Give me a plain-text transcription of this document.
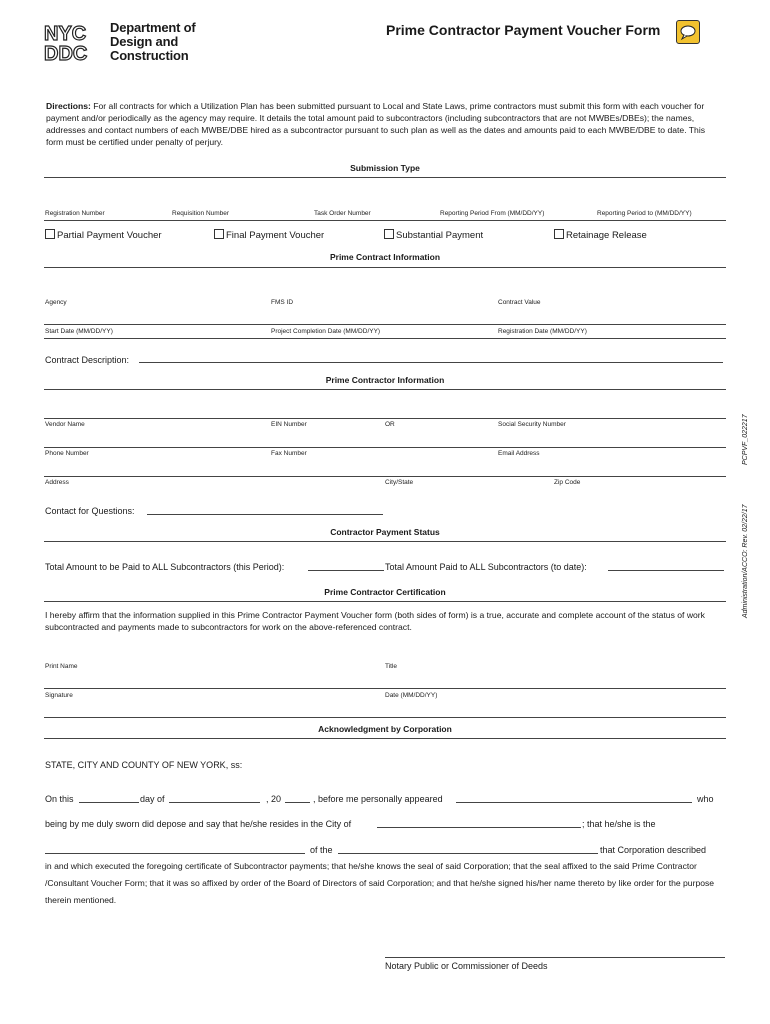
NYC
DDC
Department of
Design and
Construction
Prime Contractor Payment Voucher Form
Directions: For all contracts for which a Utilization Plan has been submitted pursuant to Local and State Laws, prime contractors must submit this form with each voucher for payment and/or periodically as the agency may require. It details the total amount paid to subcontractors (including subcontractors that are not MWBEs/DBEs); the names, addresses and contact numbers of each MWBE/DBE hired as a subcontractor pursuant to such plan as well as the dates and amounts paid to each MWBE/DBE to date. This form must be certified under penalty of perjury.
Submission Type
Registration Number	Requisition Number	Task Order Number	Reporting Period From (MM/DD/YY)	Reporting Period to (MM/DD/YY)
Partial Payment Voucher	Final Payment Voucher	Substantial Payment	Retainage Release
Prime Contract Information
Agency	FMS ID	Contract Value
Start Date (MM/DD/YY)	Project Completion Date (MM/DD/YY)	Registration Date (MM/DD/YY)
Contract Description:
Prime Contractor Information
Vendor Name	EIN Number	OR	Social Security Number
Phone Number	Fax Number	Email Address
Address	City/State	Zip Code
Contact for Questions:
Contractor Payment Status
Total Amount to be Paid to ALL Subcontractors (this Period):	Total Amount Paid to ALL Subcontractors (to date):
Prime Contractor Certification
I hereby affirm that the information supplied in this Prime Contractor Payment Voucher form (both sides of form) is a true, accurate and complete account of the status of work subcontracted and payments made to subcontractors for work on the above-referenced contract.
Print Name	Title
Signature	Date (MM/DD/YY)
Acknowledgment by Corporation
STATE, CITY AND COUNTY OF NEW YORK, ss:
On this	day of	, 20	, before me personally appeared	who
being by me duly sworn did depose and say that he/she resides in the City of	; that he/she is the
of the	that Corporation described
in and which executed the foregoing certificate of Subcontractor payments; that he/she knows the seal of said Corporation; that the seal affixed to the said Prime Contractor /Consultant Voucher Form; that it was so affixed by order of the Board of Directors of said Corporation; and that he/she signed his/her name thereto by like order for the purpose therein mentioned.
Notary Public or Commissioner of Deeds
PCPVF_022217
Administration/ACCO: Rev. 02/22/17
